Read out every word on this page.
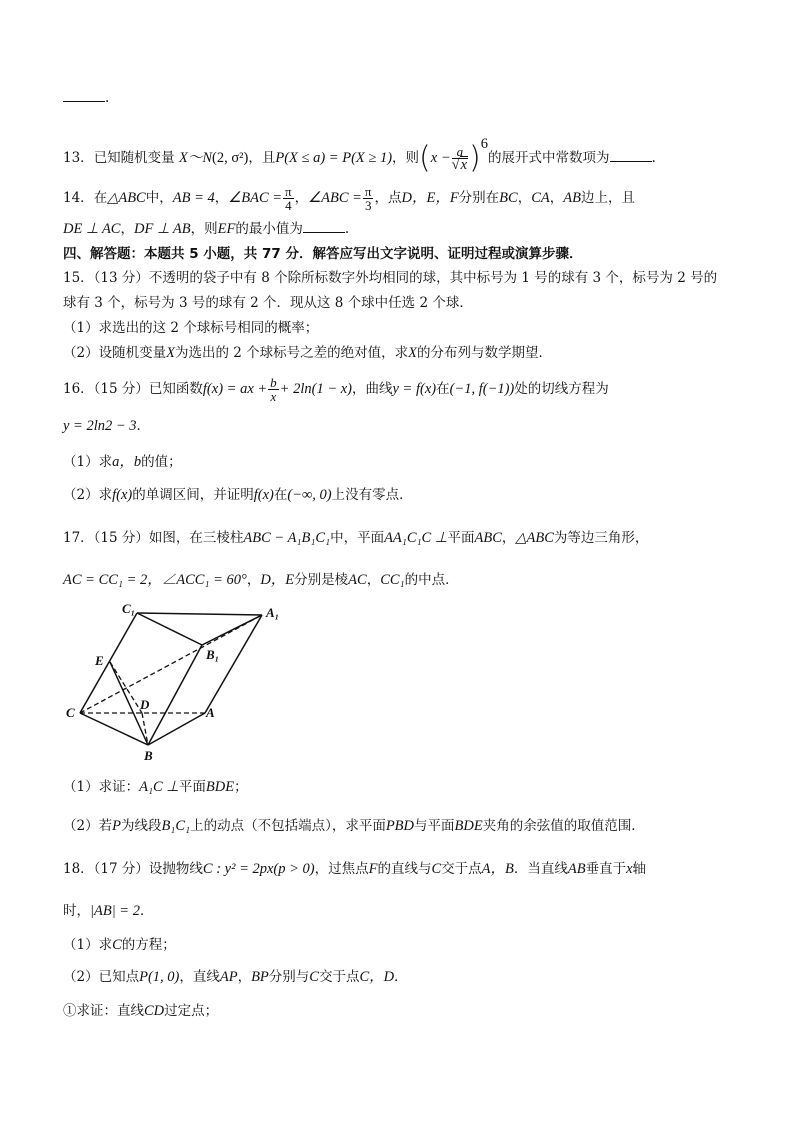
.
13．已知随机变量 X～N(2, σ²)，且P(X ≤ a) = P(X ≥ 1)，则$(x - \frac{a}{√x} )^6$的展开式中常数项为	.
14．在△ABC中，AB = 4，∠BAC = $\frac{\pi}{4}$ ，∠ABC = $\frac{\pi}{3}$ ，点D，E，F分别在BC，CA，AB边上，且
DE ⊥ AC，DF ⊥ AB，则EF的最小值为	.
四、解答题：本题共 5 小题，共 77 分．解答应写出文字说明、证明过程或演算步骤．
15．（13 分）不透明的袋子中有 8 个除所标数字外均相同的球，其中标号为 1 号的球有 3 个，标号为 2 号的
球有 3 个，标号为 3 号的球有 2 个．现从这 8 个球中任选 2 个球．
（1）求选出的这 2 个球标号相同的概率；
（2）设随机变量X为选出的 2 个球标号之差的绝对值，求X的分布列与数学期望．
16．（15 分）已知函数f(x) = ax + $\frac{b}{x} + 2\ln(1 - x)$，曲线y = f(x)在(−1, f(−1))处的切线方程为
y = 2ln2 − 3．
（1）求a，b的值；
（2）求f(x)的单调区间，并证明f(x)在(−∞, 0)上没有零点．
17．（15 分）如图，在三棱柱ABC − A₁B₁C₁中，平面AA₁C₁C ⊥平面ABC，△ABC为等边三角形，
AC = CC₁ = 2，∠ACC₁ = 60°，D，E分别是棱AC，CC₁的中点．
C₁	A₁
B₁
E
D
C	A
B
（1）求证：A₁C ⊥平面BDE；
（2）若P为线段B₁C₁上的动点（不包括端点），求平面PBD与平面BDE夹角的余弦值的取值范围．
18．（17 分）设抛物线C : y² = 2px(p > 0)，过焦点F的直线与C交于点A，B．当直线AB垂直于x轴
时，|AB| = 2．
（1）求C的方程；
（2）已知点P(1, 0)，直线AP，BP分别与C交于点C，D．
①求证：直线CD过定点；
